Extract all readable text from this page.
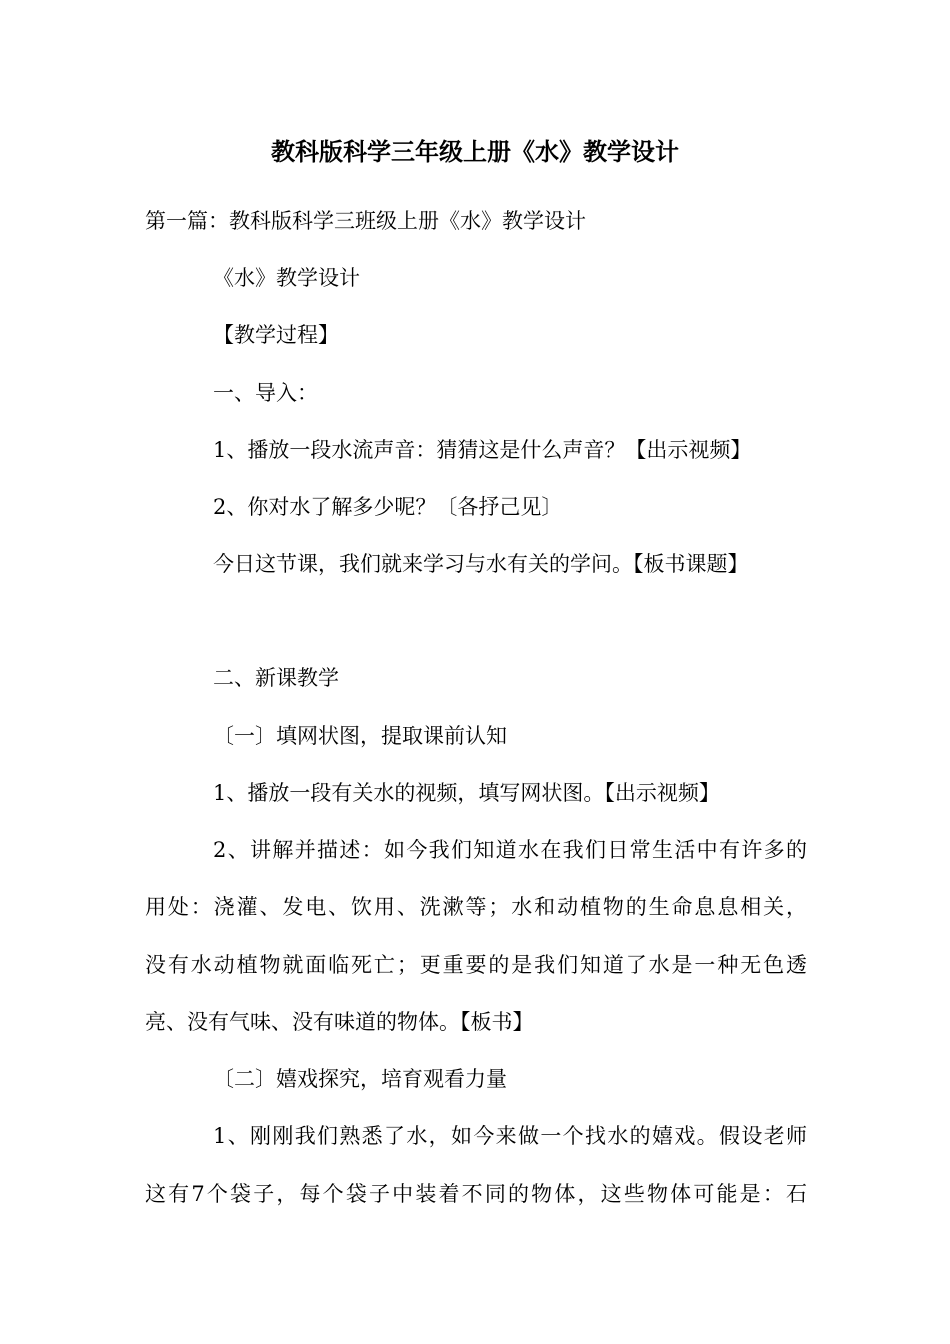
教科版科学三年级上册《水》教学设计
第一篇：教科版科学三班级上册《水》教学设计
《水》教学设计
【教学过程】
一、导入：
1、播放一段水流声音：猜猜这是什么声音？【出示视频】
2、你对水了解多少呢？〔各抒己见〕
今日这节课，我们就来学习与水有关的学问。【板书课题】
二、新课教学
〔一〕填网状图，提取课前认知
1、播放一段有关水的视频，填写网状图。【出示视频】
2、讲解并描述：如今我们知道水在我们日常生活中有许多的
用处：浇灌、发电、饮用、洗漱等；水和动植物的生命息息相关，
没有水动植物就面临死亡；更重要的是我们知道了水是一种无色透
亮、没有气味、没有味道的物体。【板书】
〔二〕嬉戏探究，培育观看力量
1、刚刚我们熟悉了水，如今来做一个找水的嬉戏。假设老师
这有7个袋子，每个袋子中装着不同的物体，这些物体可能是：石
